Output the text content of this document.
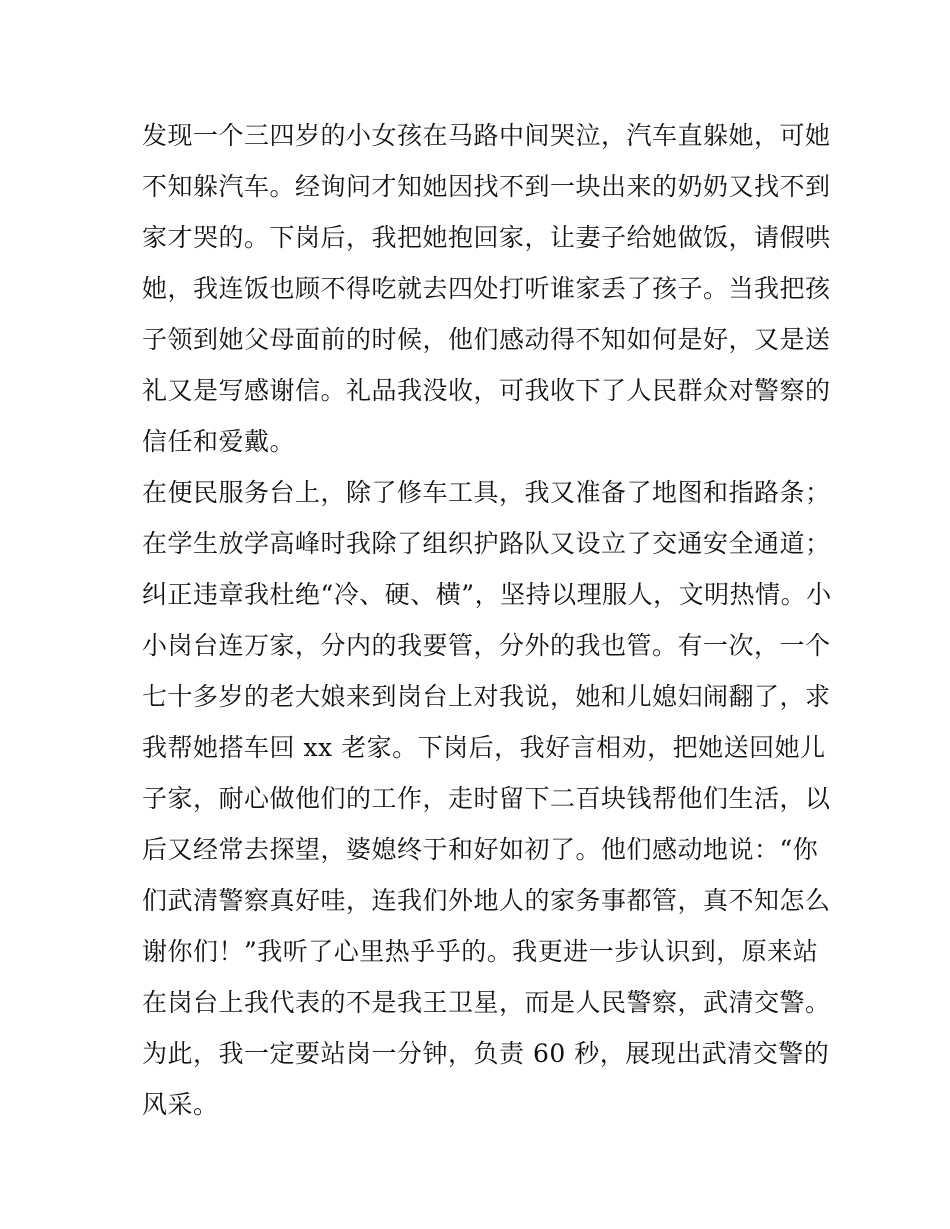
发现一个三四岁的小女孩在马路中间哭泣，汽车直躲她，可她
不知躲汽车。经询问才知她因找不到一块出来的奶奶又找不到
家才哭的。下岗后，我把她抱回家，让妻子给她做饭，请假哄
她，我连饭也顾不得吃就去四处打听谁家丢了孩子。当我把孩
子领到她父母面前的时候，他们感动得不知如何是好，又是送
礼又是写感谢信。礼品我没收，可我收下了人民群众对警察的
信任和爱戴。
在便民服务台上，除了修车工具，我又准备了地图和指路条；
在学生放学高峰时我除了组织护路队又设立了交通安全通道；
纠正违章我杜绝“冷、硬、横”，坚持以理服人，文明热情。小
小岗台连万家，分内的我要管，分外的我也管。有一次，一个
七十多岁的老大娘来到岗台上对我说，她和儿媳妇闹翻了，求
我帮她搭车回 xx 老家。下岗后，我好言相劝，把她送回她儿
子家，耐心做他们的工作，走时留下二百块钱帮他们生活，以
后又经常去探望，婆媳终于和好如初了。他们感动地说：“你
们武清警察真好哇，连我们外地人的家务事都管，真不知怎么
谢你们！”我听了心里热乎乎的。我更进一步认识到，原来站
在岗台上我代表的不是我王卫星，而是人民警察，武清交警。
为此，我一定要站岗一分钟，负责 60 秒，展现出武清交警的
风采。
